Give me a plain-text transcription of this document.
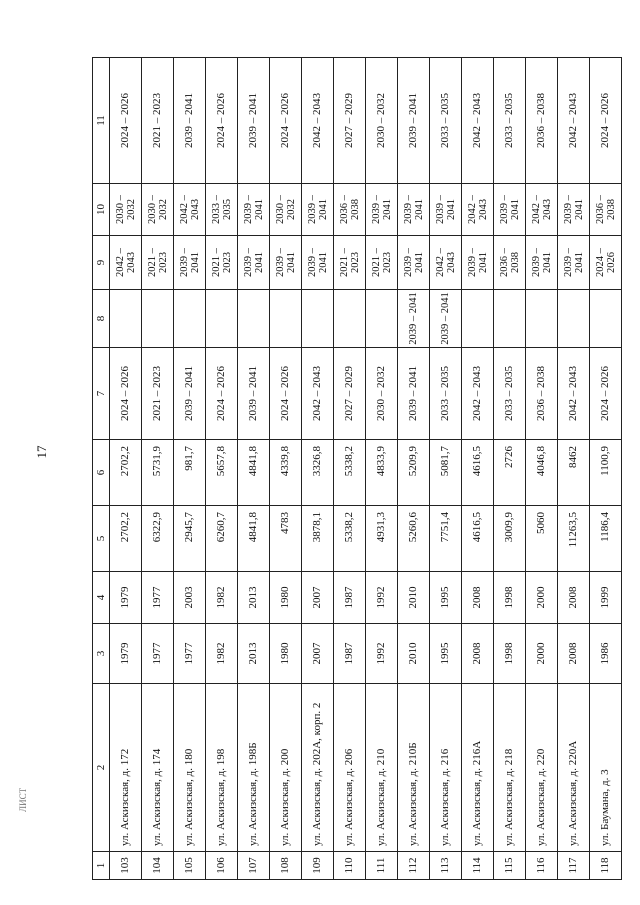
17
1	2	3	4	5	6	7	8	9	10	11
103	ул. Аскизская, д. 172	1979	1979	2702,2	2702,2	2024 – 2026		2042 – 2043	2030 – 2032	2024 – 2026
104	ул. Аскизская, д. 174	1977	1977	6322,9	5731,9	2021 – 2023		2021 – 2023	2030 – 2032	2021 – 2023
105	ул. Аскизская, д. 180	1977	2003	2945,7	981,7	2039 – 2041		2039 – 2041	2042 – 2043	2039 – 2041
106	ул. Аскизская, д. 198	1982	1982	6260,7	5657,8	2024 – 2026		2021 – 2023	2033 – 2035	2024 – 2026
107	ул. Аскизская, д. 198Б	2013	2013	4841,8	4841,8	2039 – 2041		2039 – 2041	2039 – 2041	2039 – 2041
108	ул. Аскизская, д. 200	1980	1980	4783	4339,8	2024 – 2026		2039 – 2041	2030 – 2032	2024 – 2026
109	ул. Аскизская, д. 202А, корп. 2	2007	2007	3878,1	3326,8	2042 – 2043		2039 – 2041	2039 – 2041	2042 – 2043
110	ул. Аскизская, д. 206	1987	1987	5338,2	5338,2	2027 – 2029		2021 – 2023	2036 – 2038	2027 – 2029
111	ул. Аскизская, д. 210	1992	1992	4931,3	4833,9	2030 – 2032		2021 – 2023	2039 – 2041	2030 – 2032
112	ул. Аскизская, д. 210Б	2010	2010	5260,6	5209,9	2039 – 2041	2039 – 2041	2039 – 2041	2039 – 2041	2039 – 2041
113	ул. Аскизская, д. 216	1995	1995	7751,4	5081,7	2033 – 2035	2039 – 2041	2042 – 2043	2039 – 2041	2033 – 2035
114	ул. Аскизская, д. 216А	2008	2008	4616,5	4616,5	2042 – 2043		2039 – 2041	2042 – 2043	2042 – 2043
115	ул. Аскизская, д. 218	1998	1998	3009,9	2726	2033 – 2035		2036 – 2038	2039 – 2041	2033 – 2035
116	ул. Аскизская, д. 220	2000	2000	5060	4046,8	2036 – 2038		2039 – 2041	2042 – 2043	2036 – 2038
117	ул. Аскизская, д. 220А	2008	2008	11263,5	8462	2042 – 2043		2039 – 2041	2039 – 2041	2042 – 2043
118	ул. Баумана, д. 3	1986	1999	1186,4	1100,9	2024 – 2026		2024 – 2026	2036 – 2038	2024 – 2026
ЛИСТ
